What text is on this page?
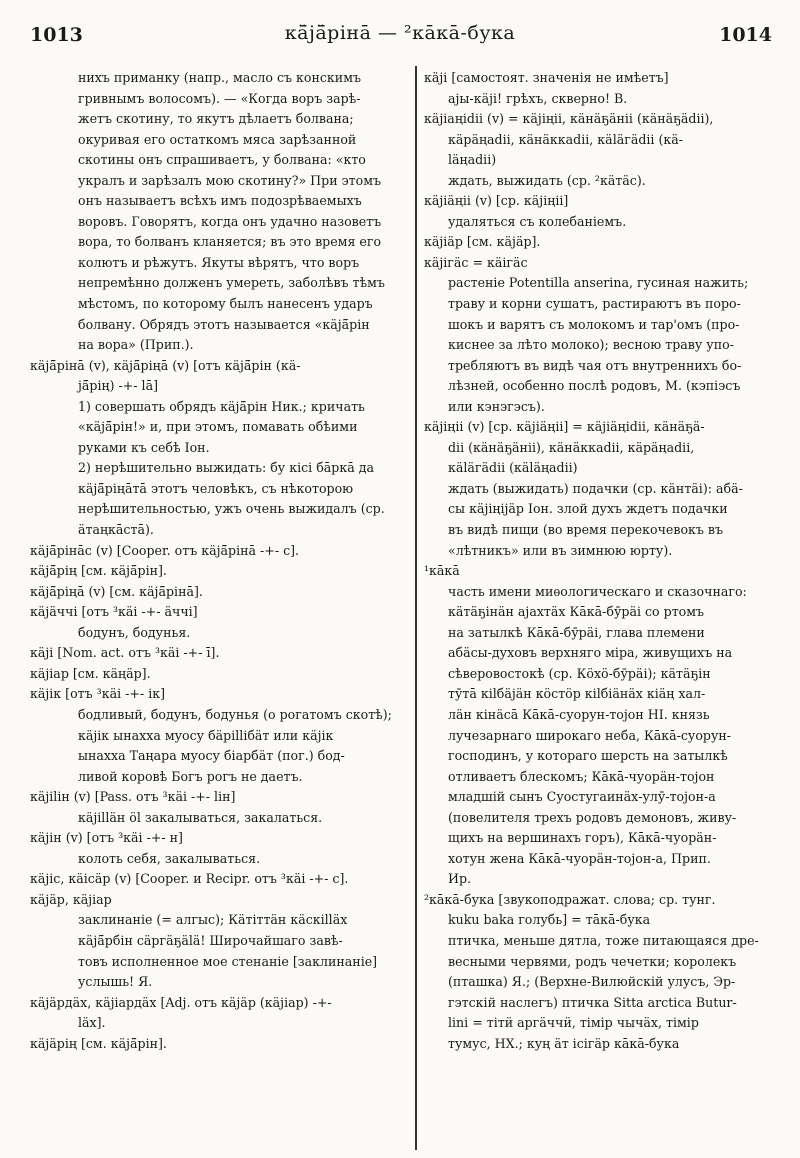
1013	кӓ̄jӓ̄рінā — ²кāкā-бука	1014

нихъ приманку (напр., масло съ конскимъ

гривнымъ волосомъ). — «Когда воръ зарѣ-

жетъ скотину, то якутъ дѣлаетъ болвана;

окуривая его остаткомъ мяса зарѣзанной

скотины онъ спрашиваетъ, у болвана: «кто

укралъ и зарѣзалъ мою скотину?» При этомъ

онъ называетъ всѣхъ имъ подозрѣваемыхъ

воровъ. Говорятъ, когда онъ удачно назоветъ

вора, то болванъ кланяется; въ это время его

колютъ и рѣжутъ. Якуты вѣрятъ, что воръ

непремѣнно долженъ умереть, заболѣвъ тѣмъ

мѣстомъ, по которому былъ нанесенъ ударъ

болвану. Обрядъ этотъ называется «кӓjӓ̄рін

на вора» (Прип.).

кӓjӓ̄рінā (v), кӓjӓ̄ріңā (v) [отъ кӓjӓ̄рін (кӓ-

jӓ̄рің) -+- lā]

1) совершать обрядъ кӓjӓ̄рін Ник.; кричать

«кӓjӓ̄рін!» и, при этомъ, помавать обѣими

руками къ себѣ Іон.

2) нерѣшительно выжидать: бу кісі бāркā да

кӓjӓ̄ріңāтā этотъ человѣкъ, съ нѣкоторою

нерѣшительностью, ужъ очень выжидалъ (ср.

ӓтаңкāстā).

кӓjӓ̄рінāс (v) [Cooper. отъ кӓjӓ̄рінā -+- с].

кӓjӓ̄рің [см. кӓjӓ̄рін].

кӓjӓ̄ріңā (v) [см. кӓjӓ̄рінā].

кӓjӓччі [отъ ³кӓі -+- ӓччі]

бодунъ, бодунья.

кӓjі [Nom. act. отъ ³кӓі -+- ī].

кӓjіар [см. кӓңӓр].

кӓjік [отъ ³кӓі -+- ік]

бодливый, бодунъ, бодунья (о рогатомъ скотѣ);

кӓjік ынахха муосу бӓріllібӓт или кӓjік

ынахха Таңара муосу біарбӓт (пог.) бод-

ливой коровѣ Богъ рогъ не даетъ.

кӓjіlін (v) [Pass. отъ ³кӓі -+- lін]

кӓjіllӓн ӧl закалываться, закалаться.

кӓjін (v) [отъ ³кӓі -+- н]

колоть себя, закалываться.

кӓjіс, кӓісӓр (v) [Cooper. и Recipr. отъ ³кӓі -+- с].

кӓjӓр, кӓjіар

заклинаніе (= алгыс); Кӓтіттӓн кӓскіllӓх

кӓjӓ̄рбін сӓргӓҕӓlӓ! Широчайшаго завѣ-

товъ исполненное мое стенаніе [заклинаніе]

услышь! Я.

кӓjӓрдӓх, кӓjіардӓх [Adj. отъ кӓjӓр (кӓjіар) -+-

lӓх].

кӓjӓрің [см. кӓjӓ̄рін].

кӓjі [самостоят. значенія не имѣетъ]

аjы-кӓjі! грѣхъ, скверно! В.

кӓjіаңіdіі (v) = кӓjіңіі, кӓнӓҕӓніі (кӓнӓҕӓdіі),

кӓрӓңаdіі, кӓнӓккаdіі, кӓlӓгӓdіі (кӓ-

lӓңаdіі)

ждать, выжидать (ср. ²кӓтӓс).

кӓjіӓңіі (v) [ср. кӓjіңіі]

удаляться съ колебаніемъ.

кӓjіӓр [см. кӓjӓр].

кӓjігӓс = кӓігӓс

растеніе Potentilla anserina, гусиная нажить;

траву и корни сушатъ, растираютъ въ поро-

шокъ и варятъ съ молокомъ и тар'омъ (про-

киснее за лѣто молоко); весною траву упо-

требляютъ въ видѣ чая отъ внутреннихъ бо-

лѣзней, особенно послѣ родовъ, М. (кэпіэсъ

или кэнэгэсъ).

кӓjіңіі (v) [ср. кӓjіӓңіі] = кӓjіӓңіdіі, кӓнӓҕӓ-

dіі (кӓнӓҕӓніі), кӓнӓккаdіі, кӓрӓңаdіі,

кӓlӓгӓdіі (кӓlӓңаdіі)

ждать (выжидать) подачки (ср. кӓнтӓі): абӓ-

сы кӓjіңіjӓр Іон. злой духъ ждетъ подачки

въ видѣ пищи (во время перекочевокъ въ

«лѣтникъ» или въ зимнюю юрту).

¹кāкā

часть имени миѳологическаго и сказочнаго:

кӓтӓҕінӓн аjахтӓх Кāкā-бӯрӓі со ртомъ

на затылкѣ Кāкā-бӯрӓі, глава племени

абӓсы-духовъ верхняго міра, живущихъ на

сѣверовостокѣ (ср. Кӧхӧ-бӯрӓі); кӓтӓҕін

тӯтā кіlбӓjӓн кӧстӧр кіlбіӓнӓх кіӓң хал-

лӓн кінӓсā Кāкā-суорун-тоjон НІ. князь

лучезарнаго широкаго неба, Кāкā-суорун-

господинъ, у котораго шерсть на затылкѣ

отливаетъ блескомъ; Кāкā-чуорӓн-тоjон

младшій сынъ Суостугаинӓх-улӯ-тоjон-а

(повелителя трехъ родовъ демоновъ, живу-

щихъ на вершинахъ горъ), Кāкā-чуорӓн-

хотун жена Кāкā-чуорӓн-тоjон-а, Прип.

Ир.

²кāкā-бука [звукоподражат. слова; ср. тунг.

kuku baka голубь] = тāкā-бука

птичка, меньше дятла, тоже питающаяся дре-

весными червями, родъ чечетки; королекъ

(пташка) Я.; (Верхне-Вилюйскій улусъ, Эр-

гэтскій наслегъ) птичка Sitta arctica Butur-

lini = тітӥ аргӓччӥ, тімір чычӓх, тімір

тумус, НХ.; куң ӓт ісігӓр кāкā-бука
